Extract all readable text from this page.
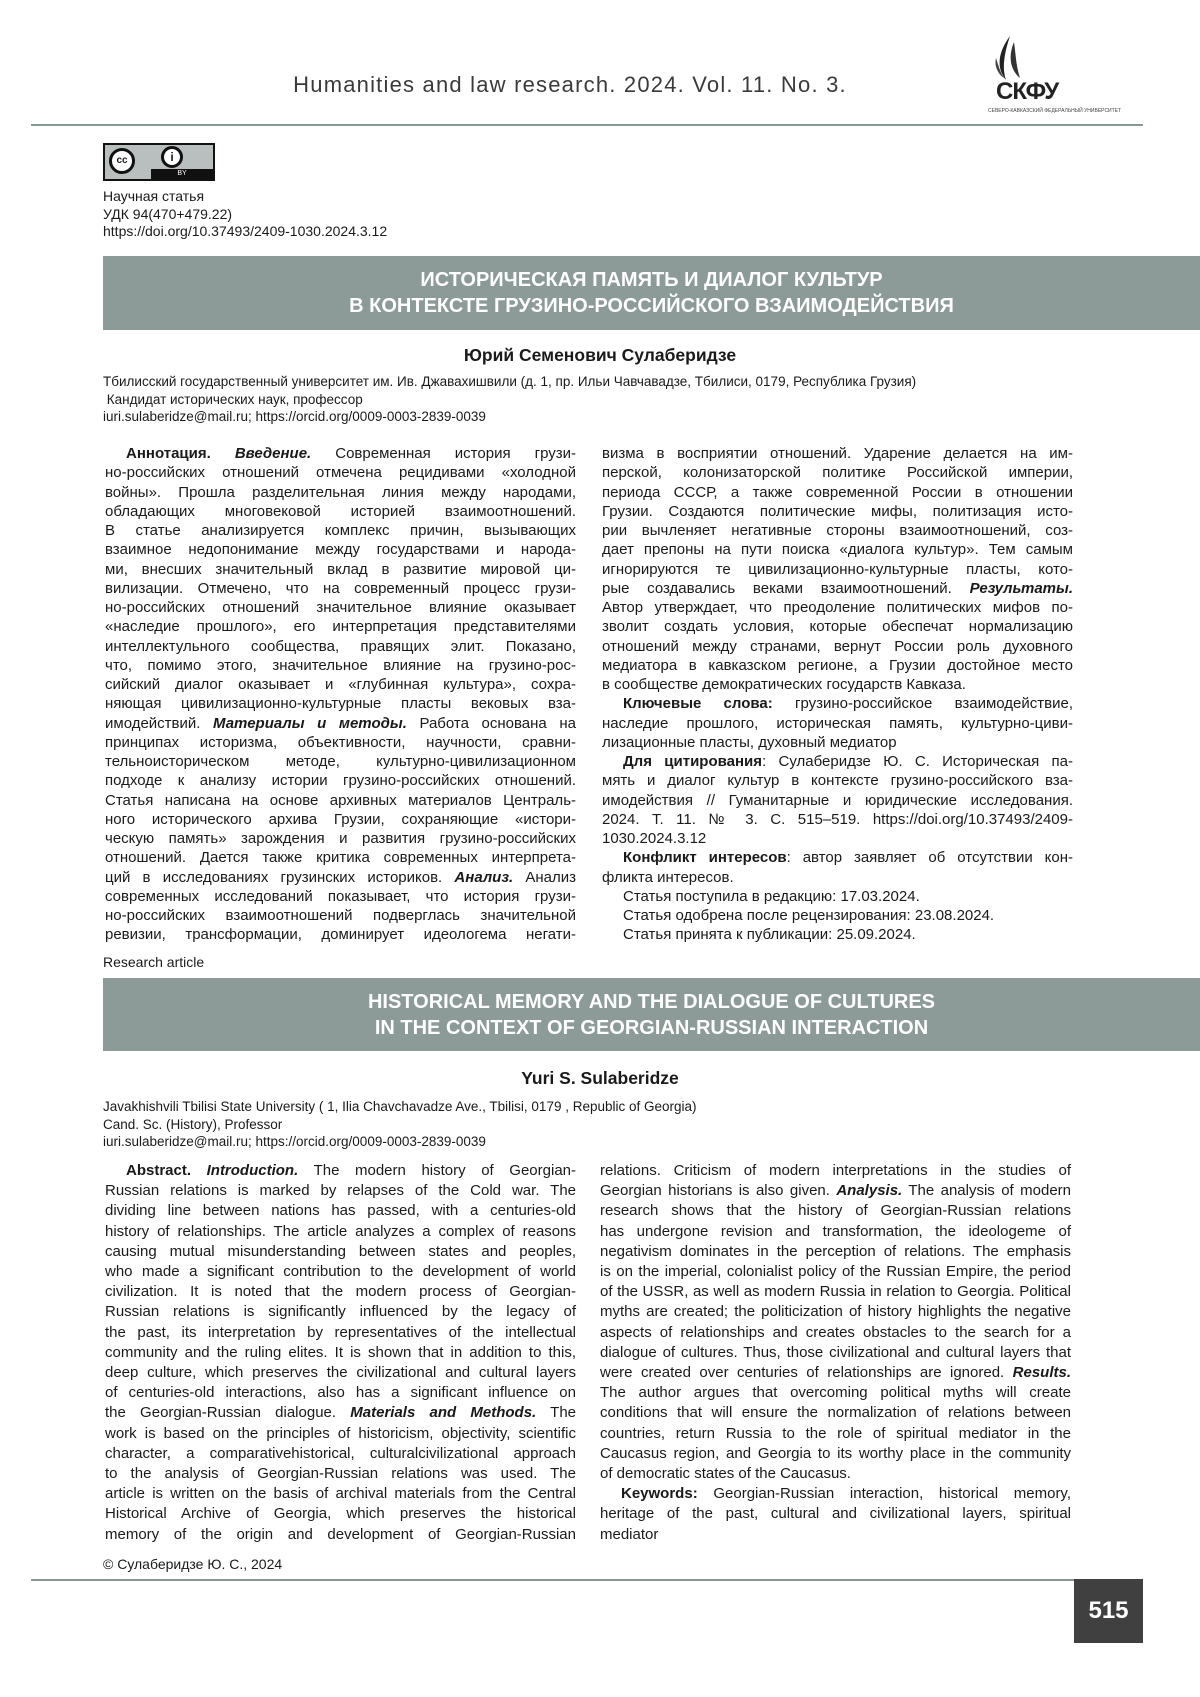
Humanities and law research. 2024. Vol. 11. No. 3.	СКФУ
СЕВЕРО-КАВКАЗСКИЙ ФЕДЕРАЛЬНЫЙ УНИВЕРСИТЕТ
cc	i
BY
Научная статья
УДК 94(470+479.22)
https://doi.org/10.37493/2409-1030.2024.3.12
ИСТОРИЧЕСКАЯ ПАМЯТЬ И ДИАЛОГ КУЛЬТУР
В КОНТЕКСТЕ ГРУЗИНО-РОССИЙСКОГО ВЗАИМОДЕЙСТВИЯ
Юрий Семенович Сулаберидзе
Тбилисский государственный университет им. Ив. Джавахишвили (д. 1, пр. Ильи Чавчавадзе, Тбилиси, 0179, Республика Грузия)
Кандидат исторических наук, профессор
iuri.sulaberidze@mail.ru; https://orcid.org/0009-0003-2839-0039
Аннотация. Введение. Современная история грузи-
но-российских отношений отмечена рецидивами «холодной
войны». Прошла разделительная линия между народами,
обладающих многовековой историей взаимоотношений.
В статье анализируется комплекс причин, вызывающих
взаимное недопонимание между государствами и народа-
ми, внесших значительный вклад в развитие мировой ци-
вилизации. Отмечено, что на современный процесс грузи-
но-российских отношений значительное влияние оказывает
«наследие прошлого», его интерпретация представителями
интеллектульного сообщества, правящих элит. Показано,
что, помимо этого, значительное влияние на грузино-рос-
сийский диалог оказывает и «глубинная культура», сохра-
няющая цивилизационно-культурные пласты вековых вза-
имодействий. Материалы и методы. Работа основана на
принципах историзма, объективности, научности, сравни-
тельноисторическом методе, культурно-цивилизационном
подходе к анализу истории грузино-российских отношений.
Статья написана на основе архивных материалов Централь-
ного исторического архива Грузии, сохраняющие «истори-
ческую память» зарождения и развития грузино-российских
отношений. Дается также критика современных интерпрета-
ций в исследованиях грузинских историков. Анализ. Анализ
современных исследований показывает, что история грузи-
но-российских взаимоотношений подверглась значительной
ревизии, трансформации, доминирует идеологема негати-
визма в восприятии отношений. Ударение делается на им-
перской, колонизаторской политике Российской империи,
периода СССР, а также современной России в отношении
Грузии. Создаются политические мифы, политизация исто-
рии вычленяет негативные стороны взаимоотношений, соз-
дает препоны на пути поиска «диалога культур». Тем самым
игнорируются те цивилизационно-культурные пласты, кото-
рые создавались веками взаимоотношений. Результаты.
Автор утверждает, что преодоление политических мифов по-
зволит создать условия, которые обеспечат нормализацию
отношений между странами, вернут России роль духовного
медиатора в кавказском регионе, а Грузии достойное место
в сообществе демократических государств Кавказа.
Ключевые слова: грузино-российское взаимодействие,
наследие прошлого, историческая память, культурно-циви-
лизационные пласты, духовный медиатор
Для цитирования: Сулаберидзе Ю. С. Историческая па-
мять и диалог культур в контексте грузино-российского вза-
имодействия // Гуманитарные и юридические исследования.
2024. Т. 11. № 3. С. 515–519. https://doi.org/10.37493/2409-
1030.2024.3.12
Конфликт интересов: автор заявляет об отсутствии кон-
фликта интересов.
Статья поступила в редакцию: 17.03.2024.
Статья одобрена после рецензирования: 23.08.2024.
Статья принята к публикации: 25.09.2024.
Research article
HISTORICAL MEMORY AND THE DIALOGUE OF CULTURES
IN THE CONTEXT OF GEORGIAN-RUSSIAN INTERACTION
Yuri S. Sulaberidze
Javakhishvili Tbilisi State University ( 1, Ilia Chavchavadze Ave., Tbilisi, 0179 , Republic of Georgia)
Cand. Sc. (History), Professor
iuri.sulaberidze@mail.ru; https://orcid.org/0009-0003-2839-0039
Abstract. Introduction. The modern history of Georgian-
Russian relations is marked by relapses of the Cold war. The
dividing line between nations has passed, with a centuries-old
history of relationships. The article analyzes a complex of reasons
causing mutual misunderstanding between states and peoples,
who made a significant contribution to the development of world
civilization. It is noted that the modern process of Georgian-
Russian relations is significantly influenced by the legacy of
the past, its interpretation by representatives of the intellectual
community and the ruling elites. It is shown that in addition to this,
deep culture, which preserves the civilizational and cultural layers
of centuries-old interactions, also has a significant influence on
the Georgian-Russian dialogue. Materials and Methods. The
work is based on the principles of historicism, objectivity, scientific
character, a comparativehistorical, culturalcivilizational approach
to the analysis of Georgian-Russian relations was used. The
article is written on the basis of archival materials from the Central
Historical Archive of Georgia, which preserves the historical
memory of the origin and development of Georgian-Russian
relations. Criticism of modern interpretations in the studies of
Georgian historians is also given. Analysis. The analysis of modern
research shows that the history of Georgian-Russian relations
has undergone revision and transformation, the ideologeme of
negativism dominates in the perception of relations. The emphasis
is on the imperial, colonialist policy of the Russian Empire, the period
of the USSR, as well as modern Russia in relation to Georgia. Political
myths are created; the politicization of history highlights the negative
aspects of relationships and creates obstacles to the search for a
dialogue of cultures. Thus, those civilizational and cultural layers that
were created over centuries of relationships are ignored. Results.
The author argues that overcoming political myths will create
conditions that will ensure the normalization of relations between
countries, return Russia to the role of spiritual mediator in the
Caucasus region, and Georgia to its worthy place in the community
of democratic states of the Caucasus.
Keywords: Georgian-Russian interaction, historical memory,
heritage of the past, cultural and civilizational layers, spiritual
mediator
© Сулаберидзе Ю. С., 2024
515
